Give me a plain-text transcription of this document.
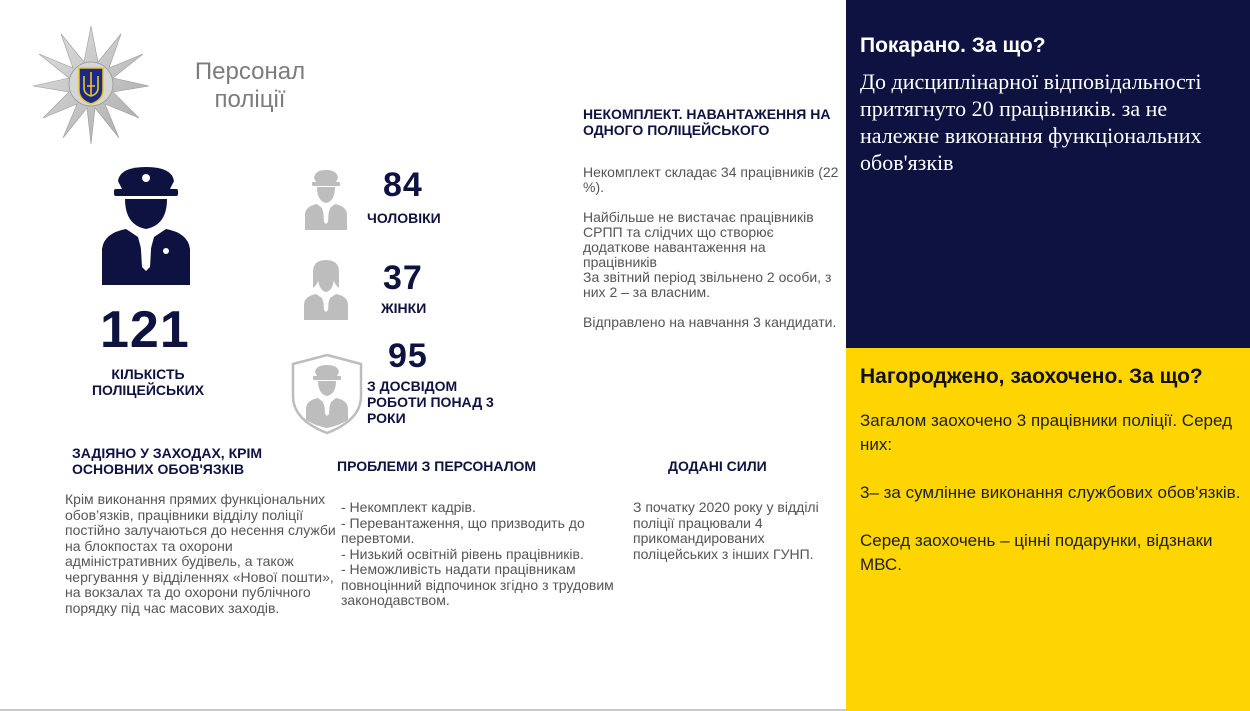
Покарано. За що?
До дисциплінарної відповідальності притягнуто 20 працівників. за не належне виконання функціональних обов'язків
Нагороджено, заохочено. За що?

Загалом заохочено 3 працівники поліції. Серед них:

3– за сумлінне виконання службових обов'язків.

Серед заохочень – цінні подарунки, відзнаки МВС.

Персонал поліції
121
КІЛЬКІСТЬ ПОЛІЦЕЙСЬКИХ
84
ЧОЛОВІКИ
37
ЖІНКИ
95
З ДОСВІДОМ РОБОТИ ПОНАД 3 РОКИ
НЕКОМПЛЕКТ. НАВАНТАЖЕННЯ НА ОДНОГО ПОЛІЦЕЙСЬКОГО

Некомплект складає 34 працівників (22 %).

Найбільше не вистачає працівників СРПП та слідчих що створює додаткове навантаження на працівників

За звітний період звільнено 2 особи, з них 2 – за власним.

Відправлено на навчання 3 кандидати.

ЗАДІЯНО У ЗАХОДАХ, КРІМ ОСНОВНИХ ОБОВ'ЯЗКІВ
Крім виконання прямих функціональних обов’язків, працівники відділу поліції постійно залучаються до несення служби на блокпостах та охорони адміністративних будівель, а також чергування у відділеннях «Нової пошти», на вокзалах та до охорони публічного порядку під час масових заходів.
ПРОБЛЕМИ З ПЕРСОНАЛОМ

- Некомплект кадрів.

- Перевантаження, що призводить до перевтоми.

- Низький освітній рівень працівників.

- Неможливість надати працівникам повноцінний відпочинок згідно з трудовим законодавством.

ДОДАНІ СИЛИ
З початку 2020 року у відділі поліції працювали 4 прикомандированих поліцейських з інших ГУНП.
